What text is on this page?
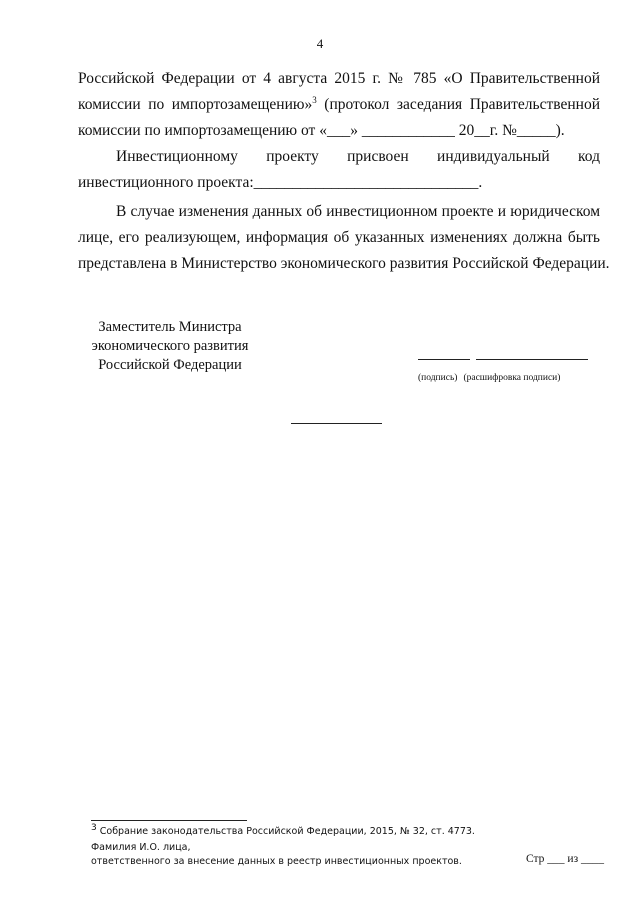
4
Российской Федерации от 4 августа 2015 г. № 785 «О Правительственной
комиссии по импортозамещению»$^3$ (протокол заседания Правительственной
комиссии по импортозамещению от «___» ____________ 20__г. №_____).
Инвестиционному проекту присвоен индивидуальный код
инвестиционного проекта:_____________________________.
В случае изменения данных об инвестиционном проекте и юридическом
лице, его реализующем, информация об указанных изменениях должна быть
представлена в Министерство экономического развития Российской Федерации.
Заместитель Министра
экономического развития
Российской Федерации
(подпись) (расшифровка подписи)
$^3$ Собрание законодательства Российской Федерации, 2015, № 32, ст. 4773.
Фамилия И.О. лица,
ответственного за внесение данных в реестр инвестиционных проектов.	Стр ___ из ____
